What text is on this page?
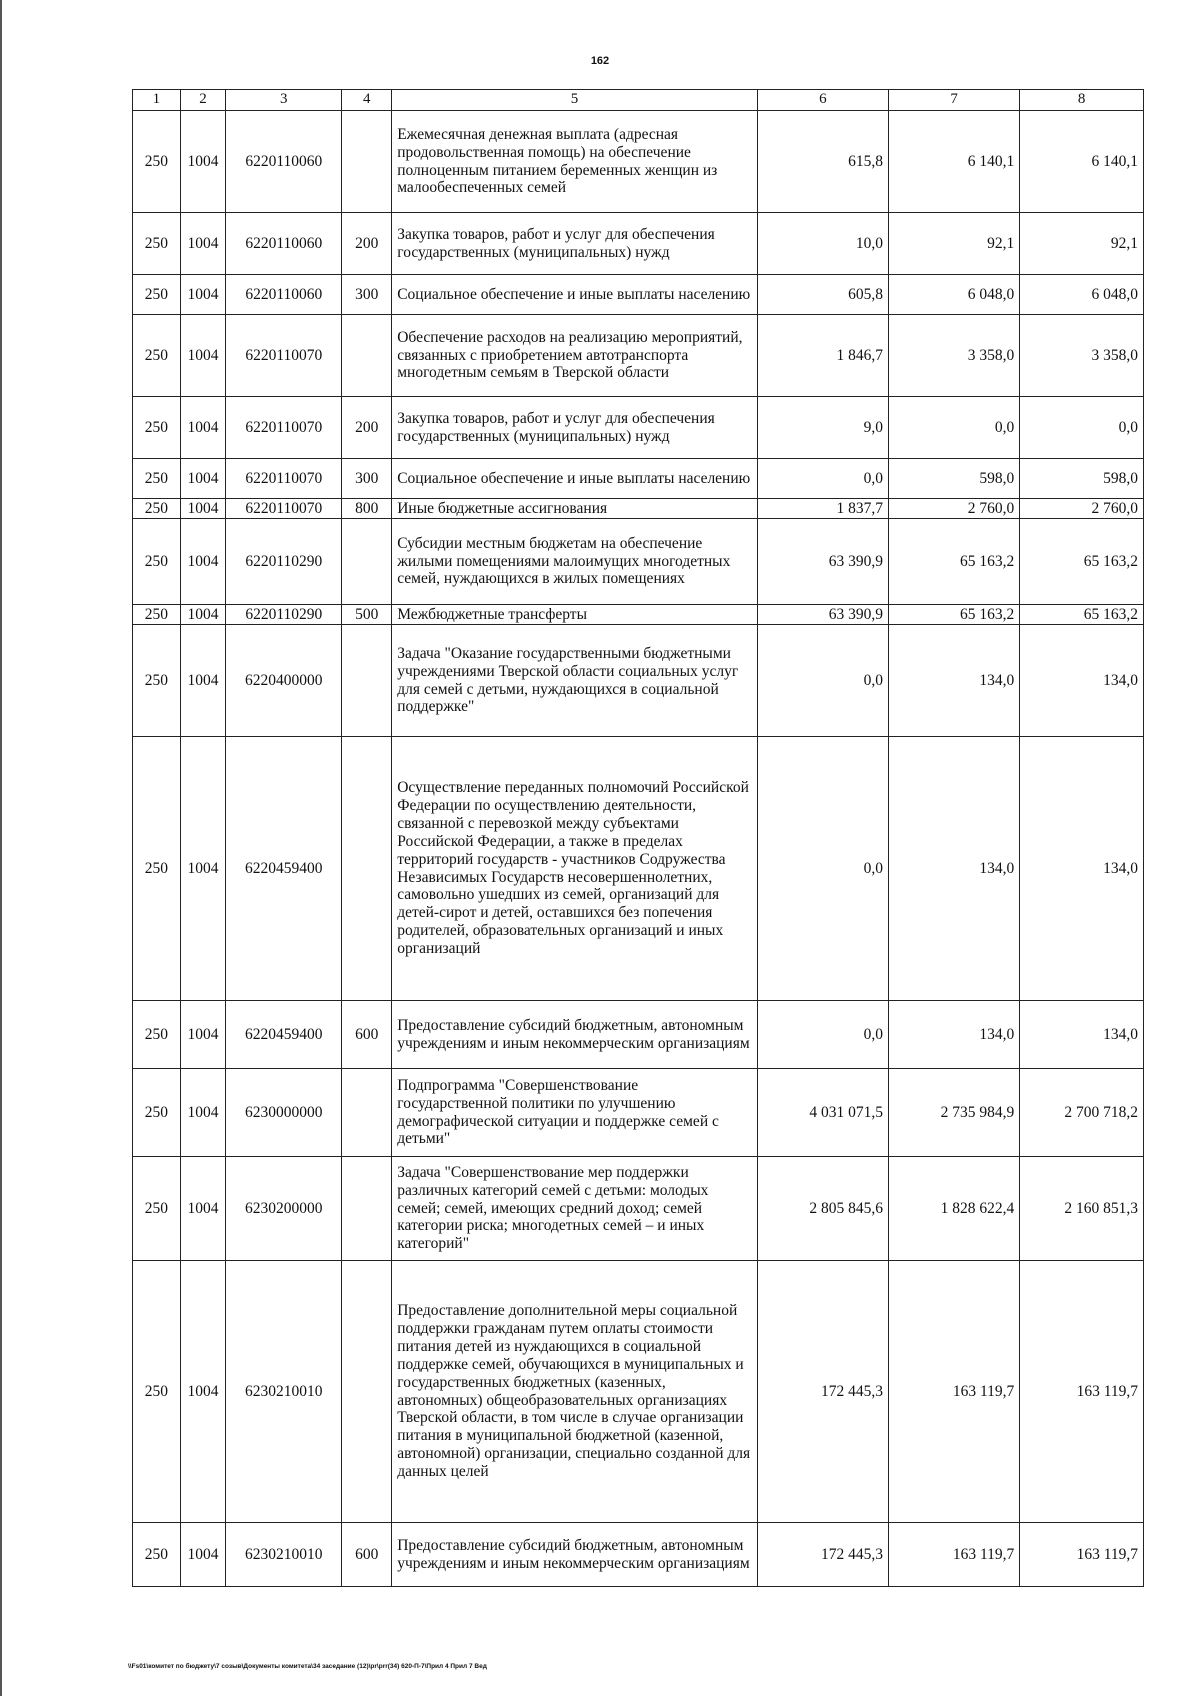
162
1	2	3	4	5	6	7	8
250	1004	6220110060		Ежемесячная денежная выплата (адресная продовольственная помощь) на обеспечение полноценным питанием беременных женщин из малообеспеченных семей	615,8	6 140,1	6 140,1
250	1004	6220110060	200	Закупка товаров, работ и услуг для обеспечения государственных (муниципальных) нужд	10,0	92,1	92,1
250	1004	6220110060	300	Социальное обеспечение и иные выплаты населению	605,8	6 048,0	6 048,0
250	1004	6220110070		Обеспечение расходов на реализацию мероприятий, связанных с приобретением автотранспорта многодетным семьям в Тверской области	1 846,7	3 358,0	3 358,0
250	1004	6220110070	200	Закупка товаров, работ и услуг для обеспечения государственных (муниципальных) нужд	9,0	0,0	0,0
250	1004	6220110070	300	Социальное обеспечение и иные выплаты населению	0,0	598,0	598,0
250	1004	6220110070	800	Иные бюджетные ассигнования	1 837,7	2 760,0	2 760,0
250	1004	6220110290		Субсидии местным бюджетам на обеспечение жилыми помещениями малоимущих многодетных семей, нуждающихся в жилых помещениях	63 390,9	65 163,2	65 163,2
250	1004	6220110290	500	Межбюджетные трансферты	63 390,9	65 163,2	65 163,2
250	1004	6220400000		Задача "Оказание государственными бюджетными учреждениями Тверской области социальных услуг для семей с детьми, нуждающихся в социальной поддержке"	0,0	134,0	134,0
250	1004	6220459400		Осуществление переданных полномочий Российской Федерации по осуществлению деятельности, связанной с перевозкой между субъектами Российской Федерации, а также в пределах территорий государств - участников Содружества Независимых Государств несовершеннолетних, самовольно ушедших из семей, организаций для детей-сирот и детей, оставшихся без попечения родителей, образовательных организаций и иных организаций	0,0	134,0	134,0
250	1004	6220459400	600	Предоставление субсидий бюджетным, автономным учреждениям и иным некоммерческим организациям	0,0	134,0	134,0
250	1004	6230000000		Подпрограмма "Совершенствование государственной политики по улучшению демографической ситуации и поддержке семей с детьми"	4 031 071,5	2 735 984,9	2 700 718,2
250	1004	6230200000		Задача "Совершенствование мер поддержки различных категорий семей с детьми: молодых семей; семей, имеющих средний доход; семей категории риска; многодетных семей – и иных категорий"	2 805 845,6	1 828 622,4	2 160 851,3
250	1004	6230210010		Предоставление дополнительной меры социальной поддержки гражданам путем оплаты стоимости питания детей из нуждающихся в социальной поддержке семей, обучающихся в муниципальных и государственных бюджетных (казенных, автономных) общеобразовательных организациях Тверской области, в том числе в случае организации питания в муниципальной бюджетной (казенной, автономной) организации, специально созданной для данных целей	172 445,3	163 119,7	163 119,7
250	1004	6230210010	600	Предоставление субсидий бюджетным, автономным учреждениям и иным некоммерческим организациям	172 445,3	163 119,7	163 119,7
\\Fs01\комитет по бюджету\7 созыв\Документы комитета\34 заседание (12)\pr\prr(34) 620-П-7\Прил 4 Прил 7 Вед
